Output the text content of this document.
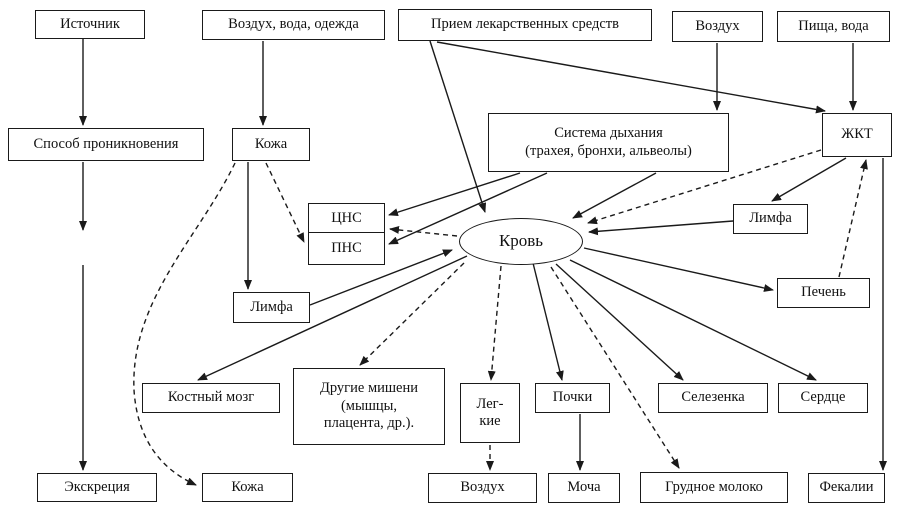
Источник	Воздух, вода, одежда	Прием лекарственных средств	Воздух	Пища, вода
Способ проникновения	Кожа
Система дыхания
(трахея, бронхи, альвеолы)
ЖКТ
ЦНС
ПНС	Кровь
Лимфа
Печень
Лимфа
Костный мозг
Другие мишени
(мышцы,
плацента, др.).
Лег-
кие
Почки	Селезенка	Сердце
Экскреция	Кожа	Воздух	Моча	Грудное молоко	Фекалии
